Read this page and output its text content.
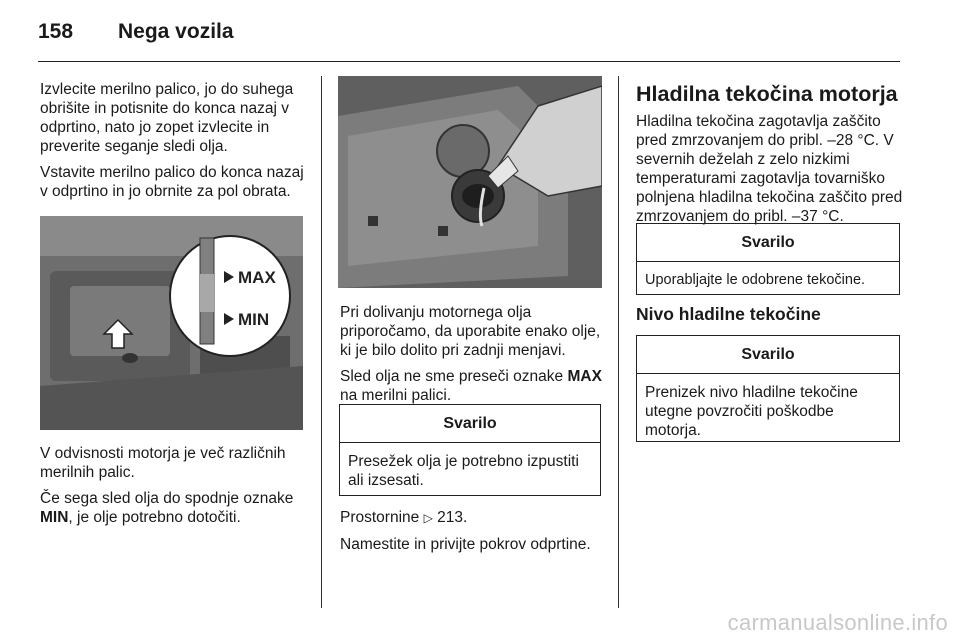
158 Nega vozila

Izvlecite merilno palico, jo do suhega obrišite in potisnite do konca nazaj v odprtino, nato jo zopet izvlecite in preverite seganje sledi olja.

Vstavite merilno palico do konca nazaj v odprtino in jo obrnite za pol obrata.

MAX
MIN

V odvisnosti motorja je več različnih merilnih palic.

Če sega sled olja do spodnje oznake MIN, je olje potrebno dotočiti.

Pri dolivanju motornega olja priporočamo, da uporabite enako olje, ki je bilo dolito pri zadnji menjavi.

Sled olja ne sme preseči oznake MAX na merilni palici.

Svarilo
Presežek olja je potrebno izpustiti ali izsesati.

Prostornine ▷ 213.

Namestite in privijte pokrov odprtine.

Hladilna tekočina motorja

Hladilna tekočina zagotavlja zaščito pred zmrzovanjem do pribl. –28 °C. V severnih deželah z zelo nizkimi temperaturami zagotavlja tovarniško polnjena hladilna tekočina zaščito pred zmrzovanjem do pribl. –37 °C.

Svarilo
Uporabljajte le odobrene tekočine.
Nivo hladilne tekočine
Svarilo
Prenizek nivo hladilne tekočine utegne povzročiti poškodbe motorja.
carmanualsonline.info
